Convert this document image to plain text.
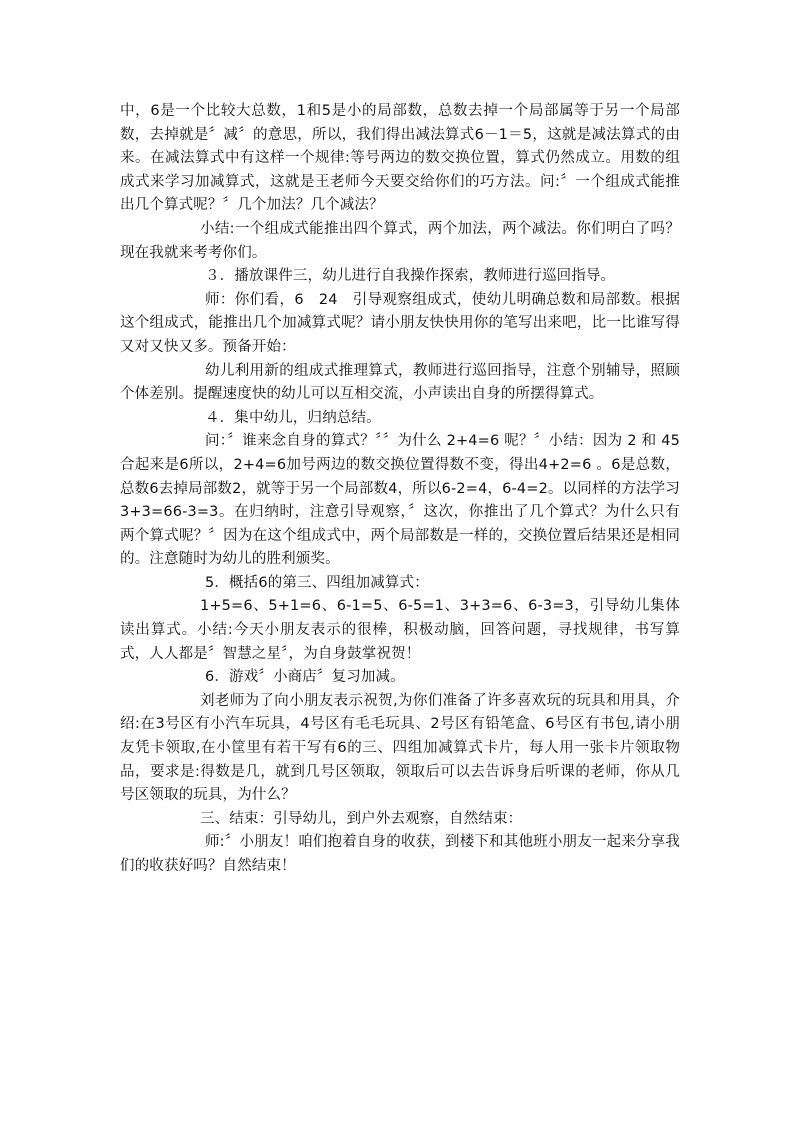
中，6是一个比较大总数，1和5是小的局部数，总数去掉一个局部属等于另一个局部数，去掉就是〞减〞的意思，所以，我们得出减法算式6－1＝5，这就是减法算式的由来。在减法算式中有这样一个规律:等号两边的数交换位置，算式仍然成立。用数的组成式来学习加减算式，这就是王老师今天要交给你们的巧方法。问:〞一个组成式能推出几个算式呢？〞几个加法？几个减法？

小结:一个组成式能推出四个算式，两个加法，两个减法。你们明白了吗？现在我就来考考你们。

３．播放课件三，幼儿进行自我操作探索，教师进行巡回指导。

师：你们看，6　24　引导观察组成式，使幼儿明确总数和局部数。根据这个组成式，能推出几个加减算式呢？请小朋友快快用你的笔写出来吧，比一比谁写得又对又快又多。预备开始：

幼儿利用新的组成式推理算式，教师进行巡回指导，注意个别辅导，照顾个体差别。提醒速度快的幼儿可以互相交流，小声读出自身的所摆得算式。

４．集中幼儿，归纳总结。

问：〞谁来念自身的算式？〞〞为什么 2+4=6 呢？〞小结：因为 2 和 45合起来是6所以，2+4=6加号两边的数交换位置得数不变，得出4+2=6 。6是总数，总数6去掉局部数2，就等于另一个局部数4，所以6-2=4，6-4=2。以同样的方法学习 3+3=66-3=3。在归纳时，注意引导观察，〞这次，你推出了几个算式？为什么只有两个算式呢？〞因为在这个组成式中，两个局部数是一样的，交换位置后结果还是相同的。注意随时为幼儿的胜利颁奖。

5．概括6的第三、四组加减算式：

1+5=6、5+1=6、6-1=5、6-5=1、3+3=6、6-3=3，引导幼儿集体读出算式。小结:今天小朋友表示的很棒，积极动脑，回答问题，寻找规律，书写算式，人人都是〞智慧之星〞，为自身鼓掌祝贺！

6．游戏〞小商店〞复习加减。

刘老师为了向小朋友表示祝贺,为你们准备了许多喜欢玩的玩具和用具，介绍:在3号区有小汽车玩具，4号区有毛毛玩具、2号区有铅笔盒、6号区有书包,请小朋友凭卡领取,在小筐里有若干写有6的三、四组加减算式卡片，每人用一张卡片领取物品，要求是:得数是几，就到几号区领取，领取后可以去告诉身后听课的老师，你从几号区领取的玩具，为什么？

三、结束：引导幼儿，到户外去观察，自然结束：

师:〞小朋友！咱们抱着自身的收获，到楼下和其他班小朋友一起来分享我们的收获好吗？自然结束！
